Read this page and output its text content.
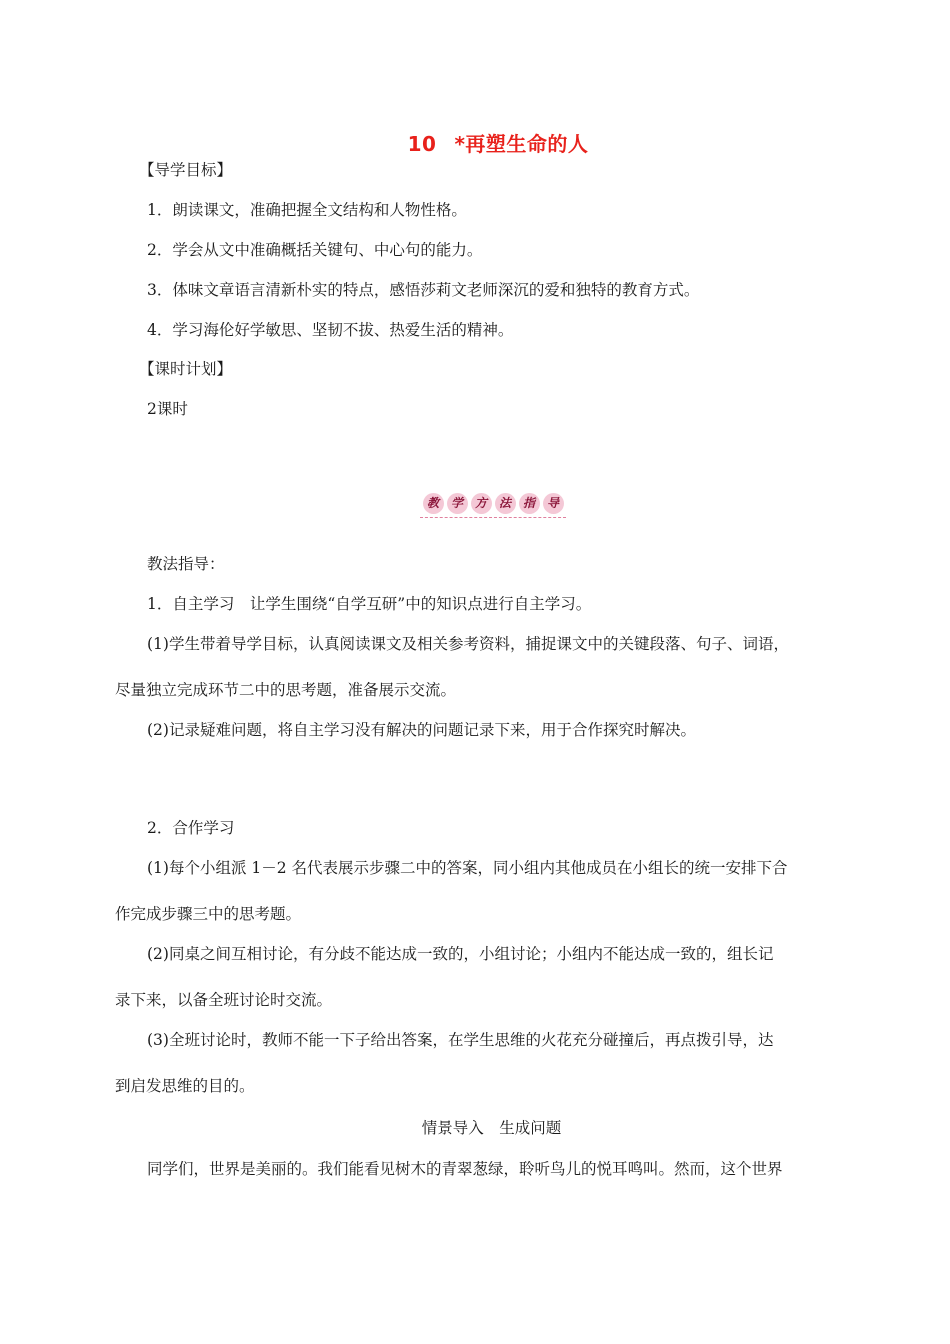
10 *再塑生命的人
【导学目标】
1．朗读课文，准确把握全文结构和人物性格。
2．学会从文中准确概括关键句、中心句的能力。
3．体味文章语言清新朴实的特点，感悟莎莉文老师深沉的爱和独特的教育方式。
4．学习海伦好学敏思、坚韧不拔、热爱生活的精神。
【课时计划】
2课时
教 学 方 法 指 导
教法指导：
1．自主学习　让学生围绕“自学互研”中的知识点进行自主学习。
(1)学生带着导学目标，认真阅读课文及相关参考资料，捕捉课文中的关键段落、句子、词语，
尽量独立完成环节二中的思考题，准备展示交流。
(2)记录疑难问题，将自主学习没有解决的问题记录下来，用于合作探究时解决。
2．合作学习
(1)每个小组派 1－2 名代表展示步骤二中的答案，同小组内其他成员在小组长的统一安排下合
作完成步骤三中的思考题。
(2)同桌之间互相讨论，有分歧不能达成一致的，小组讨论；小组内不能达成一致的，组长记
录下来，以备全班讨论时交流。
(3)全班讨论时，教师不能一下子给出答案，在学生思维的火花充分碰撞后，再点拨引导，达
到启发思维的目的。
情景导入　生成问题
同学们，世界是美丽的。我们能看见树木的青翠葱绿，聆听鸟儿的悦耳鸣叫。然而，这个世界
